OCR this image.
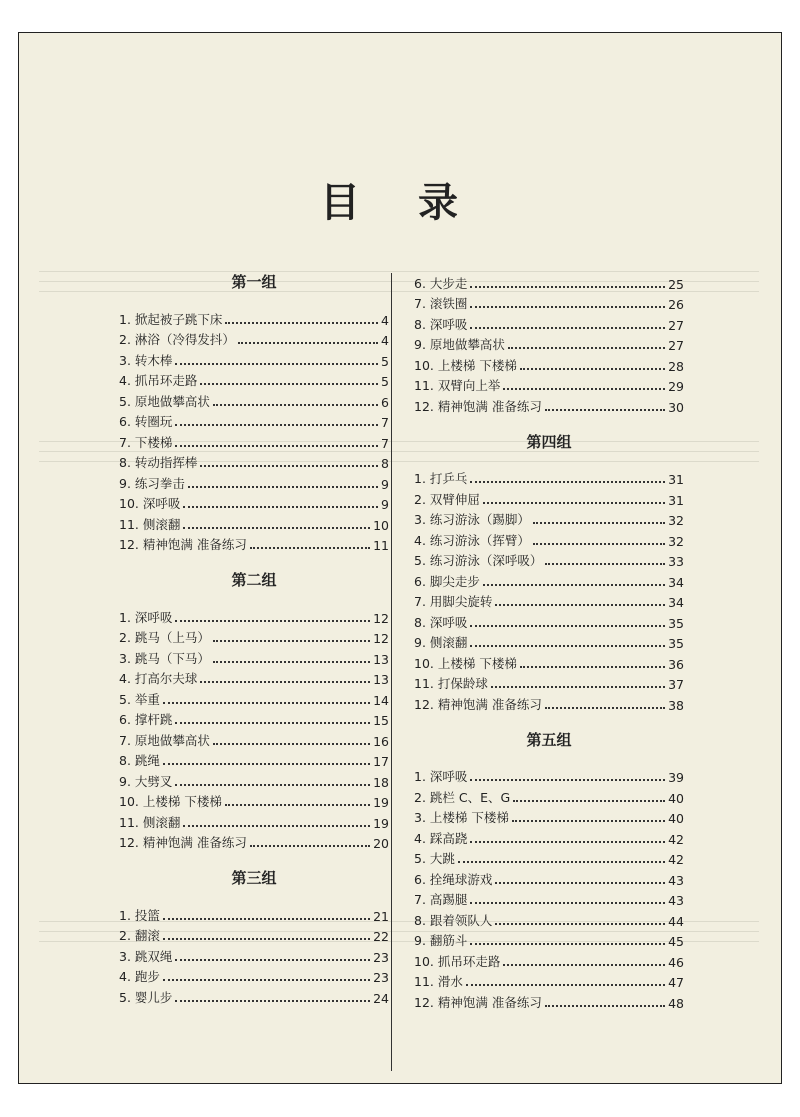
目 录
第一组
1. 掀起被子跳下床	4
2. 淋浴（冷得发抖）	4
3. 转木棒	5
4. 抓吊环走路	5
5. 原地做攀高状	6
6. 转圈玩	7
7. 下楼梯	7
8. 转动指挥棒	8
9. 练习拳击	9
10. 深呼吸	9
11. 侧滚翻	10
12. 精神饱满 准备练习	11
第二组
1. 深呼吸	12
2. 跳马（上马）	12
3. 跳马（下马）	13
4. 打高尔夫球	13
5. 举重	14
6. 撑杆跳	15
7. 原地做攀高状	16
8. 跳绳	17
9. 大劈叉	18
10. 上楼梯 下楼梯	19
11. 侧滚翻	19
12. 精神饱满 准备练习	20
第三组
1. 投篮	21
2. 翻滚	22
3. 跳双绳	23
4. 跑步	23
5. 婴儿步	24
6. 大步走	25
7. 滚铁圈	26
8. 深呼吸	27
9. 原地做攀高状	27
10. 上楼梯 下楼梯	28
11. 双臂向上举	29
12. 精神饱满 准备练习	30
第四组
1. 打乒乓	31
2. 双臂伸屈	31
3. 练习游泳（踢脚）	32
4. 练习游泳（挥臂）	32
5. 练习游泳（深呼吸）	33
6. 脚尖走步	34
7. 用脚尖旋转	34
8. 深呼吸	35
9. 侧滚翻	35
10. 上楼梯 下楼梯	36
11. 打保龄球	37
12. 精神饱满 准备练习	38
第五组
1. 深呼吸	39
2. 跳栏 C、E、G	40
3. 上楼梯 下楼梯	40
4. 踩高跷	42
5. 大跳	42
6. 拴绳球游戏	43
7. 高踢腿	43
8. 跟着领队人	44
9. 翻筋斗	45
10. 抓吊环走路	46
11. 滑水	47
12. 精神饱满 准备练习	48
